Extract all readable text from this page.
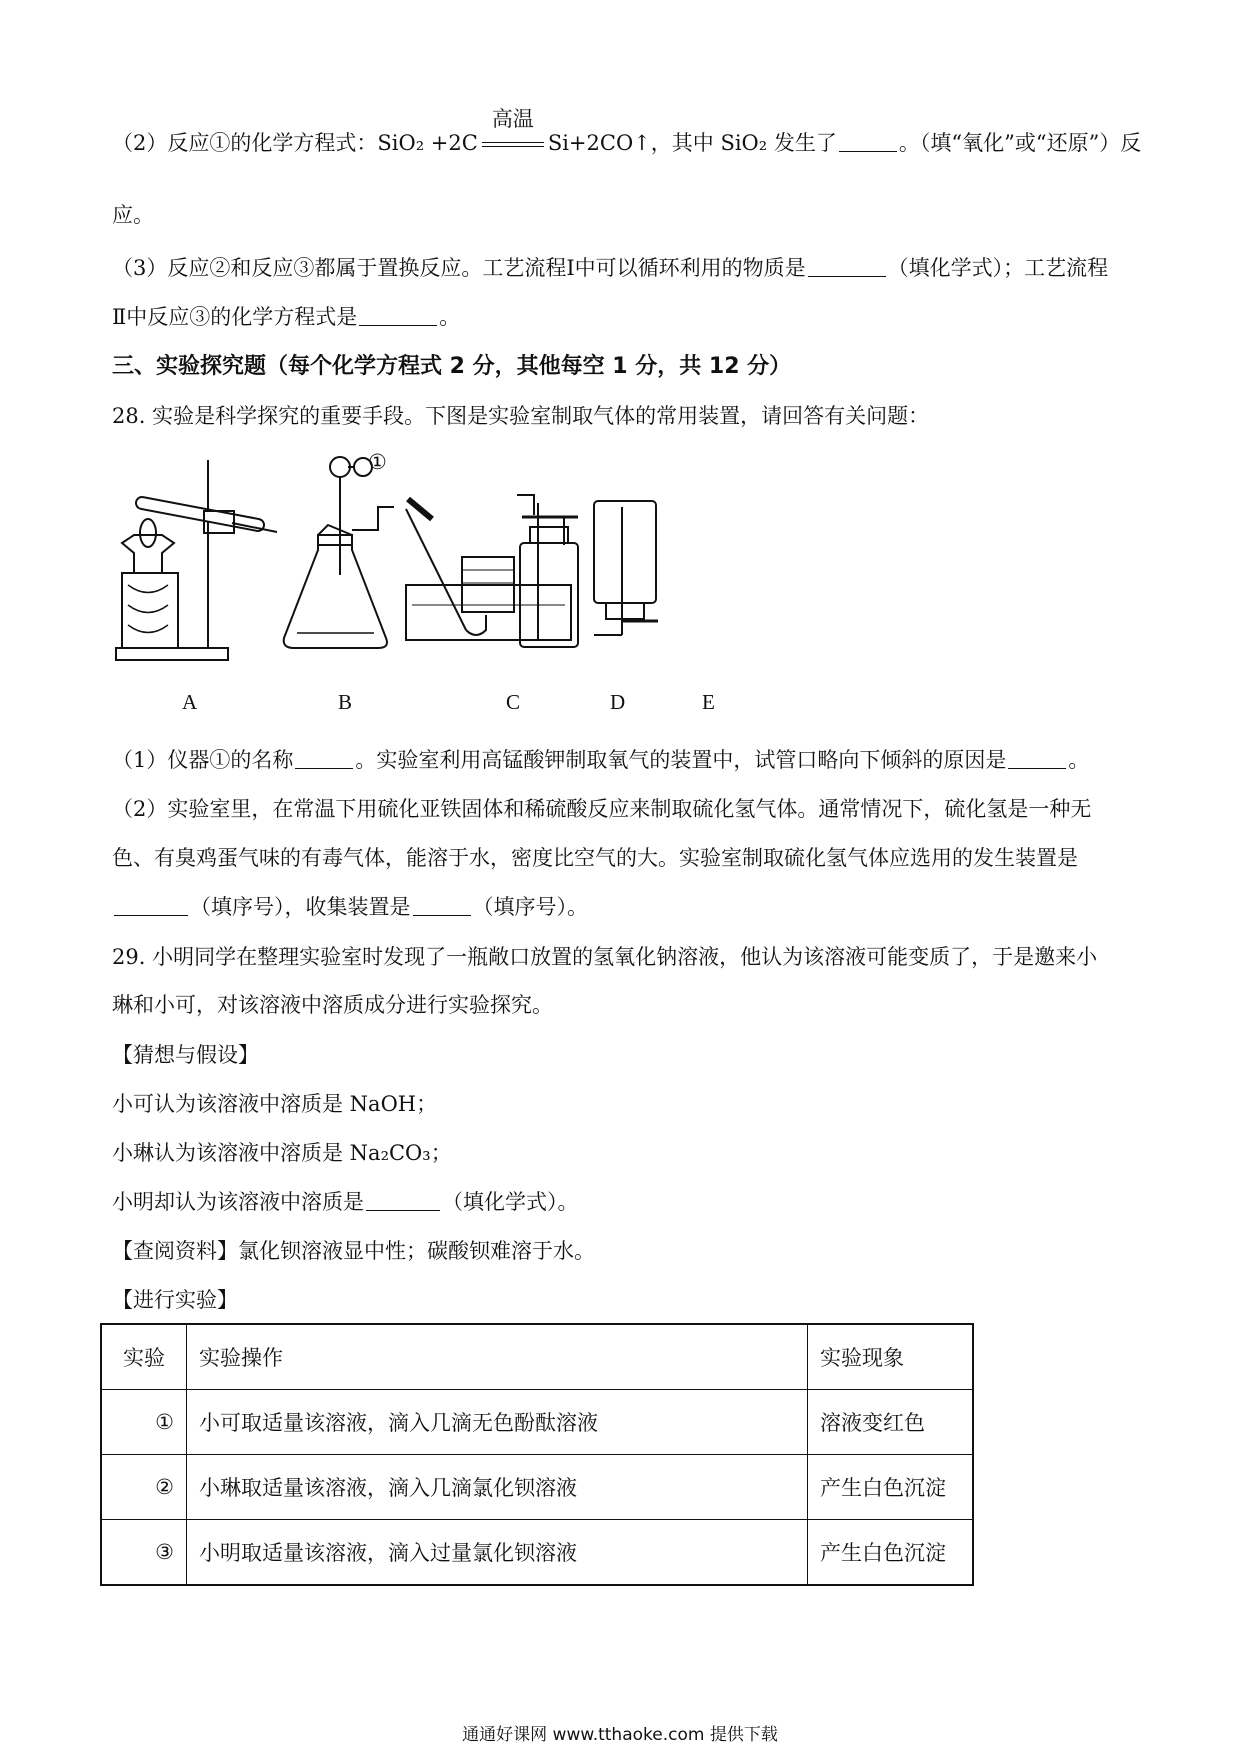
（2）反应①的化学方程式：SiO₂ +2C
高温
Si+2CO↑，其中 SiO₂ 发生了	。（填“氧化”或“还原”）反
应。
（3）反应②和反应③都属于置换反应。工艺流程Ⅰ中可以循环利用的物质是	（填化学式）；工艺流程
Ⅱ中反应③的化学方程式是	。
三、实验探究题（每个化学方程式 2 分，其他每空 1 分，共 12 分）
28. 实验是科学探究的重要手段。下图是实验室制取气体的常用装置，请回答有关问题：
A	B	C	D	E
①
（1）仪器①的名称	。实验室利用高锰酸钾制取氧气的装置中，试管口略向下倾斜的原因是	。
（2）实验室里，在常温下用硫化亚铁固体和稀硫酸反应来制取硫化氢气体。通常情况下，硫化氢是一种无
色、有臭鸡蛋气味的有毒气体，能溶于水，密度比空气的大。实验室制取硫化氢气体应选用的发生装置是
（填序号），收集装置是	（填序号）。
29. 小明同学在整理实验室时发现了一瓶敞口放置的氢氧化钠溶液，他认为该溶液可能变质了，于是邀来小
琳和小可，对该溶液中溶质成分进行实验探究。
【猜想与假设】
小可认为该溶液中溶质是 NaOH；
小琳认为该溶液中溶质是 Na₂CO₃；
小明却认为该溶液中溶质是	（填化学式）。
【查阅资料】氯化钡溶液显中性；碳酸钡难溶于水。
【进行实验】
实验	实验操作	实验现象
①	小可取适量该溶液，滴入几滴无色酚酞溶液	溶液变红色
②	小琳取适量该溶液，滴入几滴氯化钡溶液	产生白色沉淀
③	小明取适量该溶液，滴入过量氯化钡溶液	产生白色沉淀
通通好课网 www.tthaoke.com 提供下载
